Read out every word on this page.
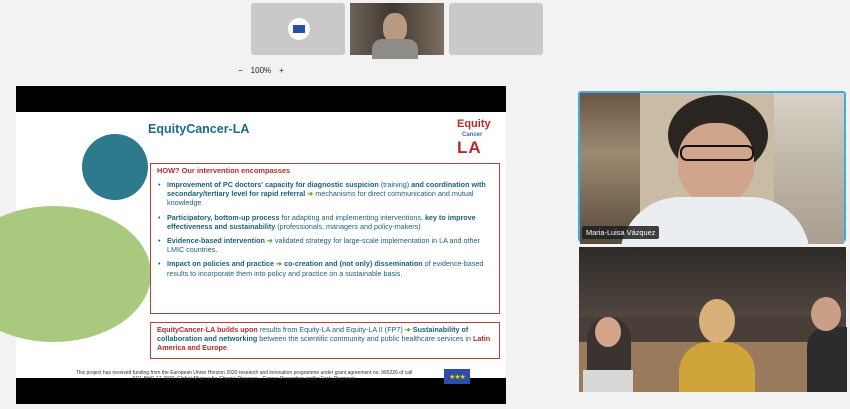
− 100% +
EquityCancer-LA	Equity
Cancer
LA
HOW? Our intervention encompasses
• Improvement of PC doctors' capacity for diagnostic suspicion (training) and coordination with secondary/tertiary level for rapid referral ➔ mechanisms for direct communication and mutual knowledge
• Participatory, bottom-up process for adapting and implementing interventions, key to improve effectiveness and sustainability (professionals, managers and policy-makers)
• Evidence-based intervention ➔ validated strategy for large-scale implementation in LA and other LMIC countries.
• Impact on policies and practice ➔ co-creation and (not only) dissemination of evidence-based results to incorporate them into policy and practice on a sustainable basis.
EquityCancer-LA builds upon results from Equity-LA and Equity-LA II (FP7) ➔ Sustainability of collaboration and networking between the scientific community and public healthcare services in Latin America and Europe.
This project has received funding from the European Union Horizon 2020 research and innovation programme under grant agreement no. 965226 of call
SC1-BHC-17-2020, Global Alliance for Chronic Diseases - Cancer Prevention and/or Early Diagnosis	★★★
Maria-Luisa Vázquez
